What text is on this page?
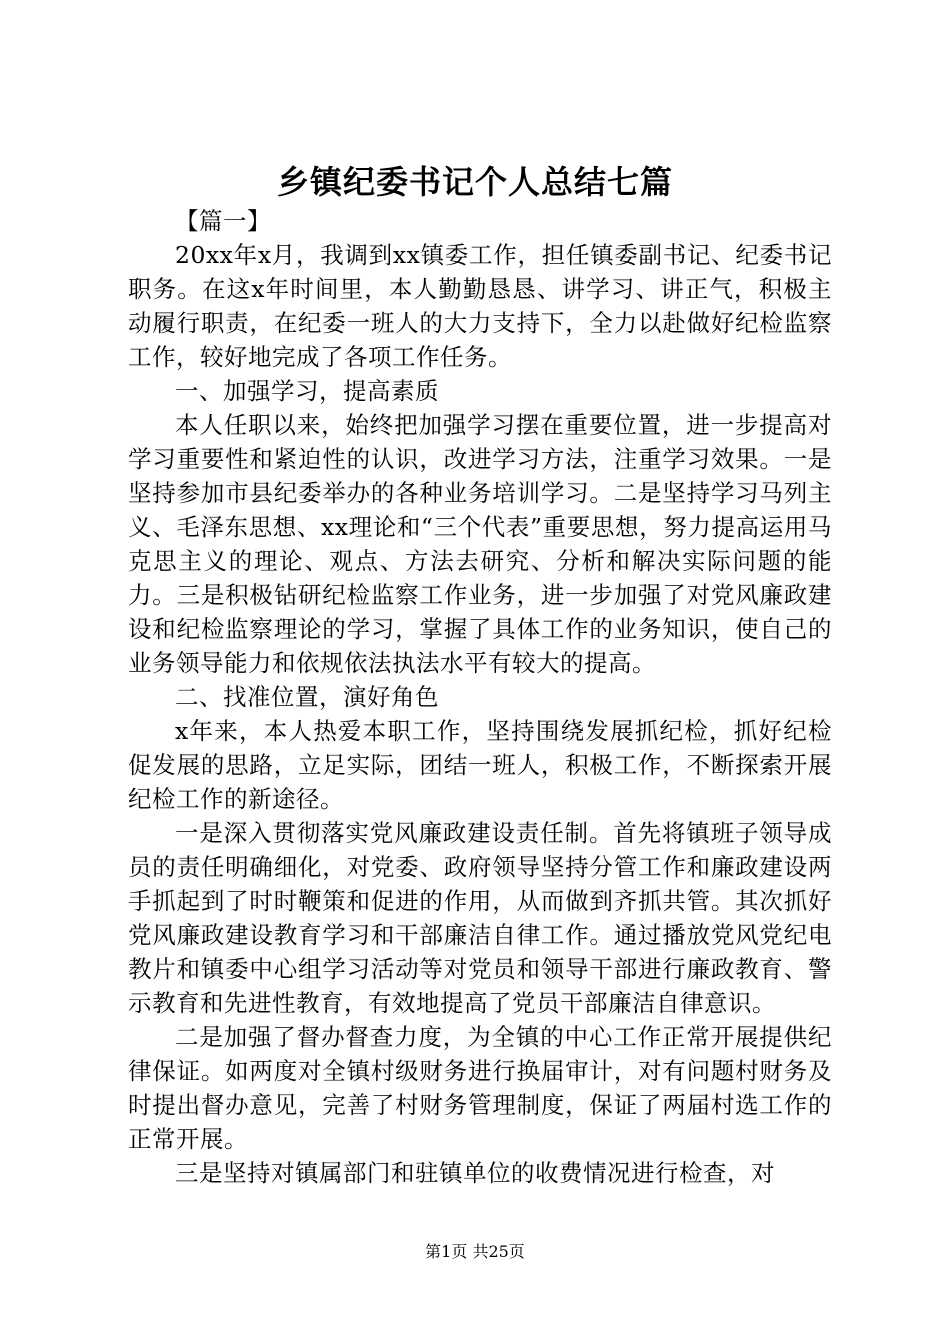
乡镇纪委书记个人总结七篇

【篇一】

20xx年x月，我调到xx镇委工作，担任镇委副书记、纪委书记职务。在这x年时间里，本人勤勤恳恳、讲学习、讲正气，积极主动履行职责，在纪委一班人的大力支持下，全力以赴做好纪检监察工作，较好地完成了各项工作任务。

一、加强学习，提高素质

本人任职以来，始终把加强学习摆在重要位置，进一步提高对学习重要性和紧迫性的认识，改进学习方法，注重学习效果。一是坚持参加市县纪委举办的各种业务培训学习。二是坚持学习马列主义、毛泽东思想、xx理论和“三个代表”重要思想，努力提高运用马克思主义的理论、观点、方法去研究、分析和解决实际问题的能力。三是积极钻研纪检监察工作业务，进一步加强了对党风廉政建设和纪检监察理论的学习，掌握了具体工作的业务知识，使自己的业务领导能力和依规依法执法水平有较大的提高。

二、找准位置，演好角色

x年来，本人热爱本职工作，坚持围绕发展抓纪检，抓好纪检促发展的思路，立足实际，团结一班人，积极工作，不断探索开展纪检工作的新途径。

一是深入贯彻落实党风廉政建设责任制。首先将镇班子领导成员的责任明确细化，对党委、政府领导坚持分管工作和廉政建设两手抓起到了时时鞭策和促进的作用，从而做到齐抓共管。其次抓好党风廉政建设教育学习和干部廉洁自律工作。通过播放党风党纪电教片和镇委中心组学习活动等对党员和领导干部进行廉政教育、警示教育和先进性教育，有效地提高了党员干部廉洁自律意识。

二是加强了督办督查力度，为全镇的中心工作正常开展提供纪律保证。如两度对全镇村级财务进行换届审计，对有问题村财务及时提出督办意见，完善了村财务管理制度，保证了两届村选工作的正常开展。

三是坚持对镇属部门和驻镇单位的收费情况进行检查，对

第1页 共25页
